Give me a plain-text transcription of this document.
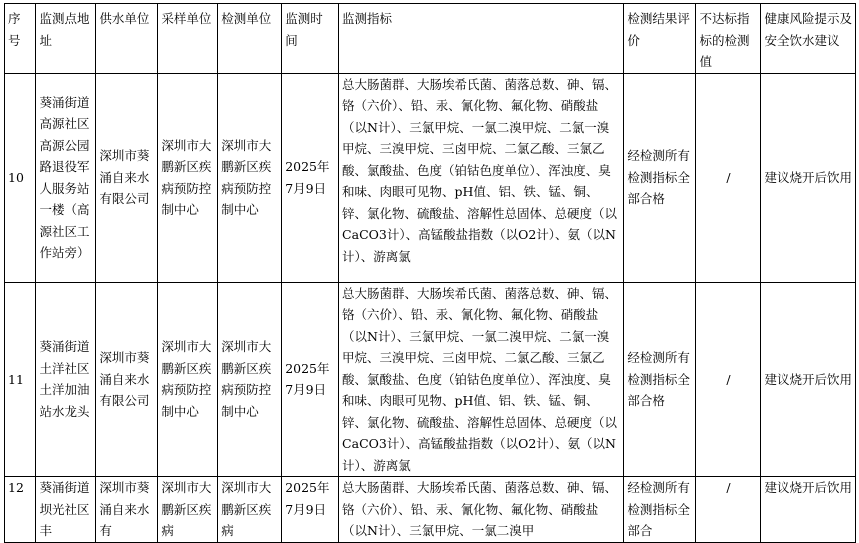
序号	监测点地址	供水单位	采样单位	检测单位	监测时间	监测指标	检测结果评价	不达标指标的检测值	健康风险提示及安全饮水建议
10	葵涌街道高源社区高源公园路退役军人服务站一楼（高源社区工作站旁）	深圳市葵涌自来水有限公司	深圳市大鹏新区疾病预防控制中心	深圳市大鹏新区疾病预防控制中心	2025年7月9日	总大肠菌群、大肠埃希氏菌、菌落总数、砷、镉、铬（六价）、铅、汞、氰化物、氟化物、硝酸盐（以N计）、三氯甲烷、一氯二溴甲烷、二氯一溴甲烷、三溴甲烷、三卤甲烷、二氯乙酸、三氯乙酸、氯酸盐、色度（铂钴色度单位）、浑浊度、臭和味、肉眼可见物、pH值、铝、铁、锰、铜、锌、氯化物、硫酸盐、溶解性总固体、总硬度（以CaCO3计）、高锰酸盐指数（以O2计）、氨（以N计）、游离氯	经检测所有检测指标全部合格	/	建议烧开后饮用
11	葵涌街道土洋社区土洋加油站水龙头	深圳市葵涌自来水有限公司	深圳市大鹏新区疾病预防控制中心	深圳市大鹏新区疾病预防控制中心	2025年7月9日	总大肠菌群、大肠埃希氏菌、菌落总数、砷、镉、铬（六价）、铅、汞、氰化物、氟化物、硝酸盐（以N计）、三氯甲烷、一氯二溴甲烷、二氯一溴甲烷、三溴甲烷、三卤甲烷、二氯乙酸、三氯乙酸、氯酸盐、色度（铂钴色度单位）、浑浊度、臭和味、肉眼可见物、pH值、铝、铁、锰、铜、锌、氯化物、硫酸盐、溶解性总固体、总硬度（以CaCO3计）、高锰酸盐指数（以O2计）、氨（以N计）、游离氯	经检测所有检测指标全部合格	/	建议烧开后饮用
12	葵涌街道坝光社区丰	深圳市葵涌自来水有	深圳市大鹏新区疾病	深圳市大鹏新区疾病	2025年7月9日	总大肠菌群、大肠埃希氏菌、菌落总数、砷、镉、铬（六价）、铅、汞、氰化物、氟化物、硝酸盐（以N计）、三氯甲烷、一氯二溴甲	经检测所有检测指标全部合	/	建议烧开后饮用
